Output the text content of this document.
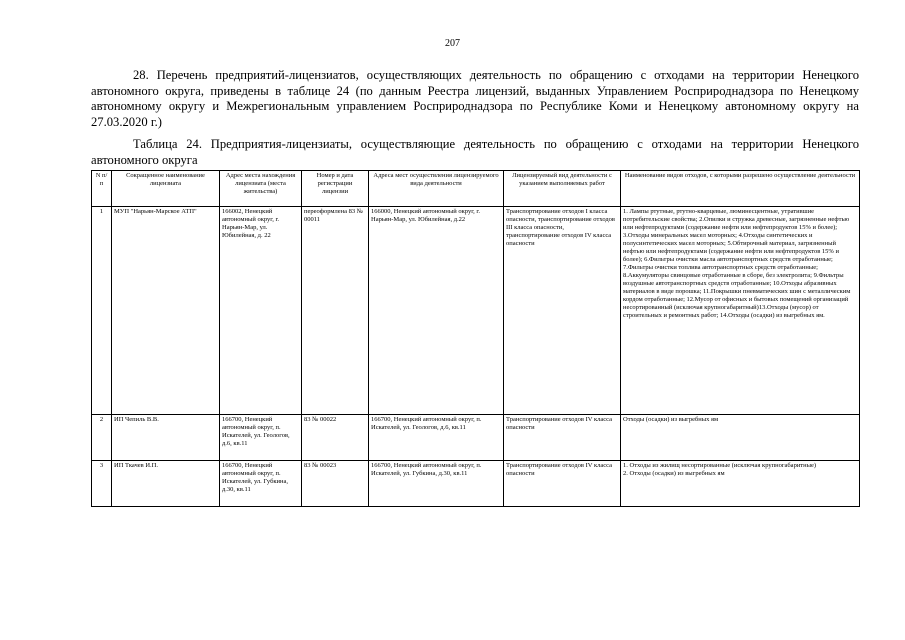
207

28. Перечень предприятий-лицензиатов, осуществляющих деятельность по обращению с отходами на территории Ненецкого автономного округа, приведены в таблице 24 (по данным Реестра лицензий, выданных Управлением Росприроднадзора по Ненецкому автономному округу и Межрегиональным управлением Росприроднадзора по Республике Коми и Ненецкому автономному округу на 27.03.2020 г.)

Таблица 24. Предприятия-лицензиаты, осуществляющие деятельность по обращению с отходами на территории Ненецкого автономного округа

N п/ п	Сокращенное наименование лицензиата	Адрес места нахождения лицензиата (места жительства)	Номер и дата регистрации лицензии	Адреса мест осуществления лицензируемого вида деятельности	Лицензируемый вид деятельности с указанием выполняемых работ	Наименование видов отходов, с которыми разрешено осуществление деятельности
1	МУП "Нарьян-Марское АТП"	166002, Ненецкий автономный округ, г. Нарьян-Мар, ул. Юбилейная, д. 22	переоформлена 83 № 00011	166000, Ненецкий автономный округ, г. Нарьян-Мар, ул. Юбилейная, д.22	Транспортирование отходов I класса опасности, транспортирование отходов III класса опасности, транспортирование отходов IV класса опасности	1. Лампы ртутные, ртутно-кварцевые, люминесцентные, утратившие потребительские свойства; 2.Опилки и стружка древесные, загрязненные нефтью или нефтепродуктами (содержание нефти или нефтепродуктов 15% и более); 3.Отходы минеральных масел моторных; 4.Отходы синтетических и полусинтетических масел моторных; 5.Обтирочный материал, загрязненный нефтью или нефтепродуктами (содержание нефти или нефтепродуктов 15% и более); 6.Фильтры очистки масла автотранспортных средств отработанные; 7.Фильтры очистки топлива автотранспортных средств отработанные; 8.Аккумуляторы свинцовые отработанные в сборе, без электролита; 9.Фильтры воздушные автотранспортных средств отработанные; 10.Отходы абразивных материалов в виде порошка; 11.Покрышки пневматических шин с металлическим кордом отработанные; 12.Мусор от офисных и бытовых помещений организаций несортированный (исключая крупногабаритный)13.Отходы (мусор) от строительных и ремонтных работ; 14.Отходы (осадки) из выгребных ям.
2	ИП Чепиль В.В.	166700, Ненецкий автономный округ, п. Искателей, ул. Геологов, д.6, кв.11	83 № 00022	166700, Ненецкий автономный округ, п. Искателей, ул. Геологов, д.6, кв.11	Транспортирование отходов IV класса опасности	Отходы (осадки) из выгребных ям
3	ИП Ткачев И.П.	166700, Ненецкий автономный округ, п. Искателей, ул. Губкина, д.30, кв.11	83 № 00023	166700, Ненецкий автономный округ, п. Искателей, ул. Губкина, д.30, кв.11	Транспортирование отходов IV класса опасности	1. Отходы из жилищ несортированные (исключая крупногабаритные)
2. Отходы (осадки) из выгребных ям
